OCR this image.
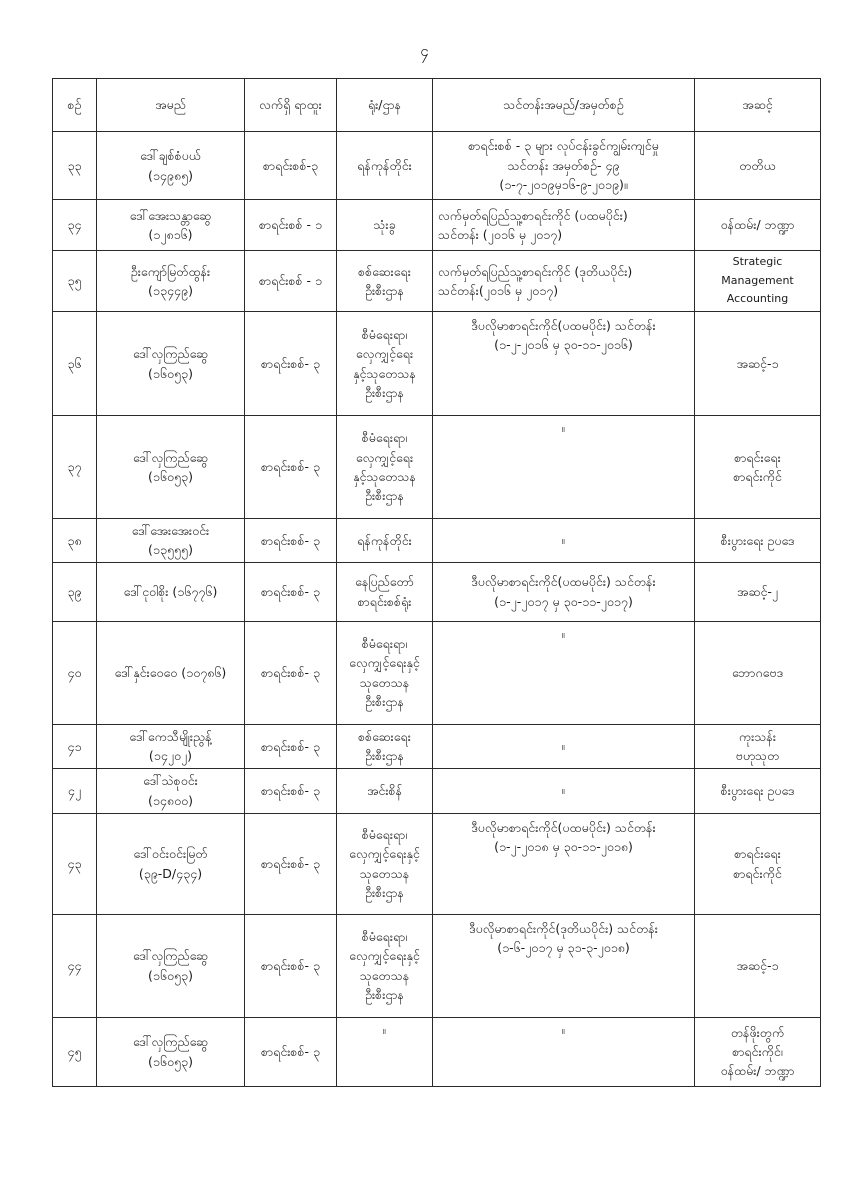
၄
စဉ်	အမည်	လက်ရှိ ရာထူး	ရုံး/ဌာန	သင်တန်းအမည်/အမှတ်စဉ်	အဆင့်
၃၃	ဒေါ်ချစ်စံပယ်
(၁၄၉၈၅)	စာရင်းစစ်-၃	ရန်ကုန်တိုင်း	စာရင်းစစ် - ၃ များ လုပ်ငန်းခွင်ကျွမ်းကျင်မှု
သင်တန်း အမှတ်စဉ်- ၄၉
(၁-၇-၂၀၁၉မှ၁၆-၉-၂၀၁၉)။	တတိယ

၃၄	ဒေါ်အေးသန္တာဆွေ
(၁၂၈၁၆)	စာရင်းစစ် - ၁	သုံးခွ	လက်မှတ်ရပြည်သူ့စာရင်းကိုင် (ပထမပိုင်း)
သင်တန်း (၂၀၁၆ မှ ၂၀၁၇)	ဝန်ထမ်း/ ဘဏ္ဍာ

၃၅	ဦးကျော်မြတ်ထွန်း
(၁၃၄၄၉)	စာရင်းစစ် - ၁	စစ်ဆေးရေး
ဦးစီးဌာန	လက်မှတ်ရပြည်သူ့စာရင်းကိုင် (ဒုတိယပိုင်း)
သင်တန်း(၂၀၁၆ မှ ၂၀၁၇)	Strategic
Management
Accounting

၃၆	ဒေါ်လှကြည်ဆွေ
(၁၆၀၅၃)	စာရင်းစစ်- ၃	စီမံရေးရာ၊
လှေကျှင့်ရေး
နှင့်သုတေသန
ဦးစီးဌာန	ဒီပလိုမာစာရင်းကိုင်(ပထမပိုင်း) သင်တန်း
(၁-၂-၂၀၁၆ မှ ၃၀-၁၁-၂၀၁၆)	အဆင့်-၁

၃၇	ဒေါ်လှကြည်ဆွေ
(၁၆၀၅၃)	စာရင်းစစ်- ၃	စီမံရေးရာ၊
လှေကျှင့်ရေး
နှင့်သုတေသန
ဦးစီးဌာန	။	စာရင်းရေး
စာရင်းကိုင်

၃၈	ဒေါ်အေးအေးဝင်း
(၁၃၅၅၅)	စာရင်းစစ်- ၃	ရန်ကုန်တိုင်း	။	စီးပွားရေး ဥပဒေ

၃၉	ဒေါ်ငုဝါစိုး (၁၆၇၇၆)	စာရင်းစစ်- ၃	နေပြည်တော်
စာရင်းစစ်ရုံး	ဒီပလိုမာစာရင်းကိုင်(ပထမပိုင်း) သင်တန်း
(၁-၂-၂၀၁၇ မှ ၃၀-၁၁-၂၀၁၇)	အဆင့်-၂

၄၀	ဒေါ်နှင်းဝေဝေ (၁၀၇၈၆)	စာရင်းစစ်- ၃	စီမံရေးရာ၊
လှေကျှင့်ရေးနှင့်
သုတေသန
ဦးစီးဌာန	။	ဘောဂဗေဒ

၄၁	ဒေါ်ကေသီမျိုးညွန့်
(၁၄၂၀၂)	စာရင်းစစ်- ၃	စစ်ဆေးရေး
ဦးစီးဌာန	။	ကုးသန်း
ဗဟုသုတ

၄၂	ဒေါ်သဲစုဝင်း
(၁၄၈၀၀)	စာရင်းစစ်- ၃	အင်းစိန်	။	စီးပွားရေး ဥပဒေ

၄၃	ဒေါ်ဝင်းဝင်းမြတ်
(၃၉-D/၄၃၄)	စာရင်းစစ်- ၃	စီမံရေးရာ၊
လှေကျှင့်ရေးနှင့်
သုတေသန
ဦးစီးဌာန	ဒီပလိုမာစာရင်းကိုင်(ပထမပိုင်း) သင်တန်း
(၁-၂-၂၀၁၈ မှ ၃၀-၁၁-၂၀၁၈)	စာရင်းရေး
စာရင်းကိုင်

၄၄	ဒေါ်လှကြည်ဆွေ
(၁၆၀၅၃)	စာရင်းစစ်- ၃	စီမံရေးရာ၊
လှေကျှင့်ရေးနှင့်
သုတေသန
ဦးစီးဌာန	ဒီပလိုမာစာရင်းကိုင်(ဒုတိယပိုင်း) သင်တန်း
(၁-၆-၂၀၁၇ မှ ၃၁-၃-၂၀၁၈)	အဆင့်-၁

၄၅	ဒေါ်လှကြည်ဆွေ
(၁၆၀၅၃)	စာရင်းစစ်- ၃	။	။	တန်ဖိုးတွက်
စာရင်းကိုင်၊
ဝန်ထမ်း/ ဘဏ္ဍာ
